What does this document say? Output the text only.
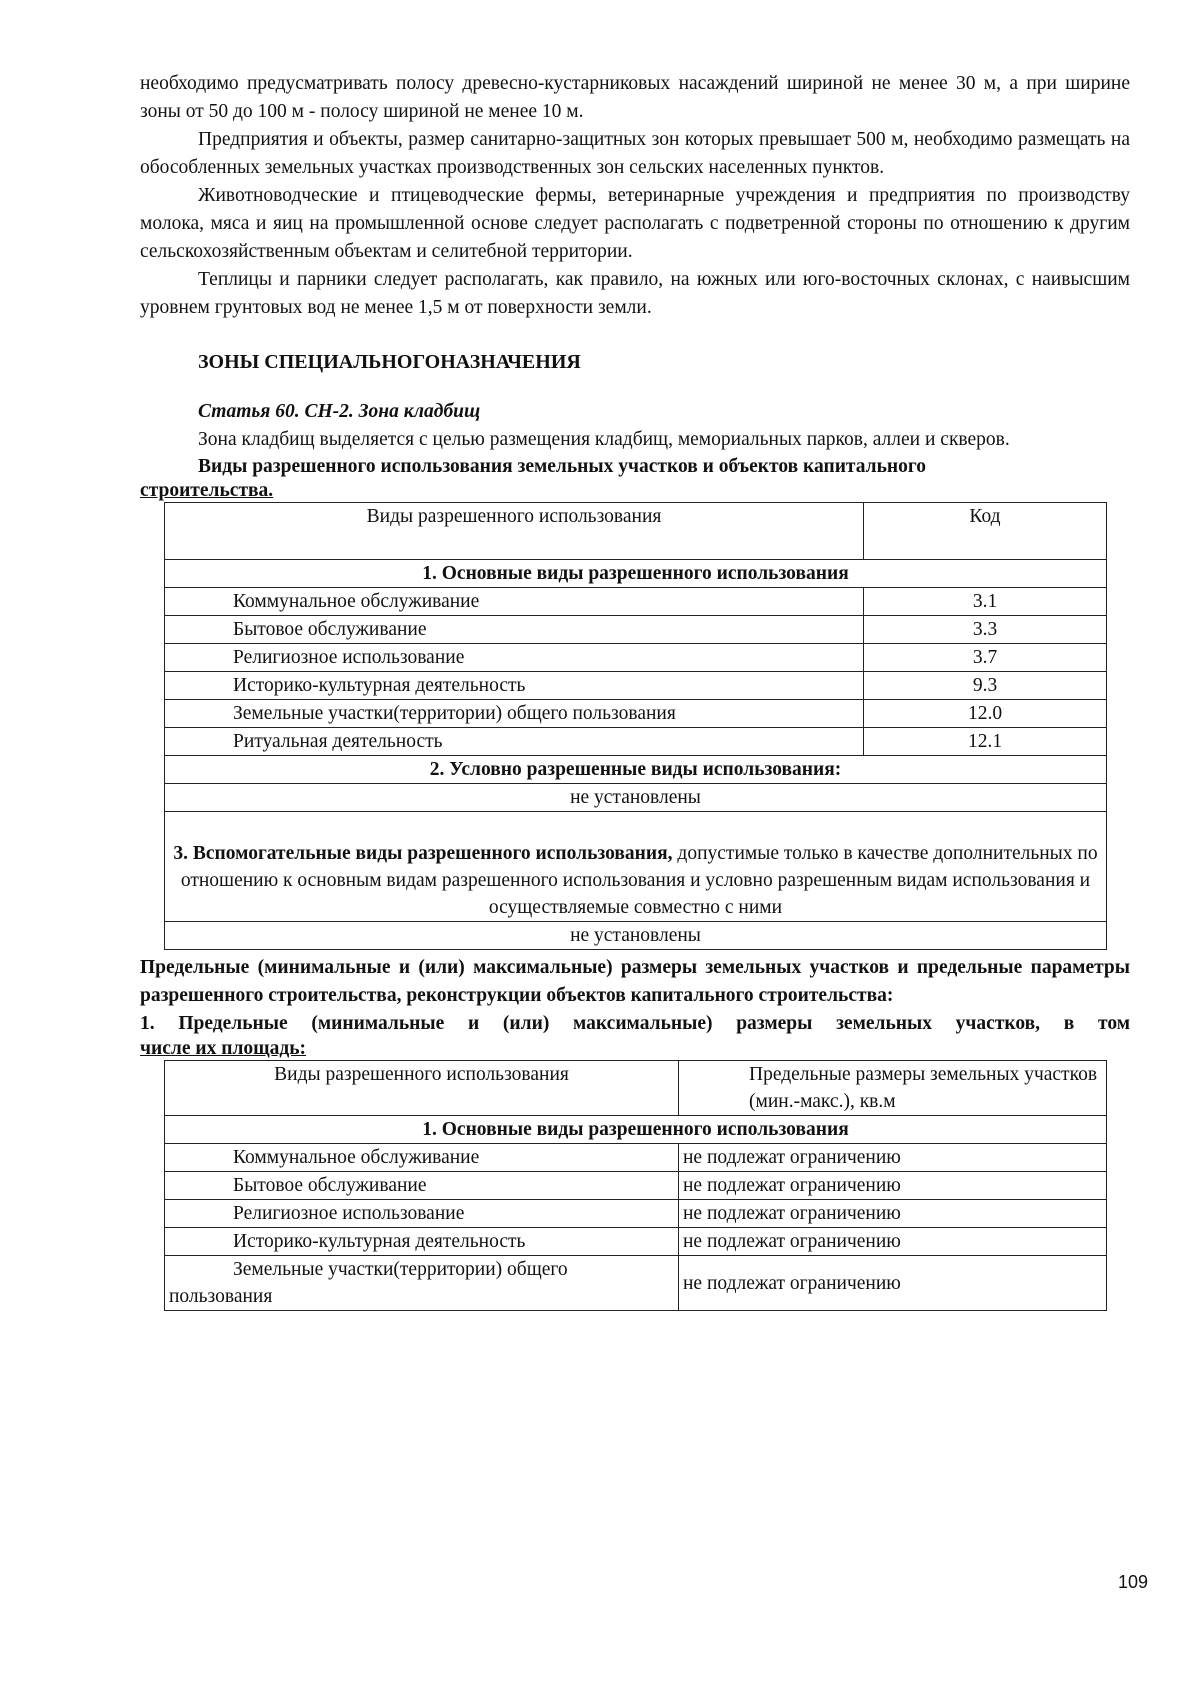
необходимо предусматривать полосу древесно-кустарниковых насаждений шириной не менее 30 м, а при ширине зоны от 50 до 100 м - полосу шириной не менее 10 м.

Предприятия и объекты, размер санитарно-защитных зон которых превышает 500 м, необходимо размещать на обособленных земельных участках производственных зон сельских населенных пунктов.

Животноводческие и птицеводческие фермы, ветеринарные учреждения и предприятия по производству молока, мяса и яиц на промышленной основе следует располагать с подветренной стороны по отношению к другим сельскохозяйственным объектам и селитебной территории.

Теплицы и парники следует располагать, как правило, на южных или юго-восточных склонах, с наивысшим уровнем грунтовых вод не менее 1,5 м от поверхности земли.

ЗОНЫ СПЕЦИАЛЬНОГОНАЗНАЧЕНИЯ
Статья 60. СН-2. Зона кладбищ

Зона кладбищ выделяется с целью размещения кладбищ, мемориальных парков, аллеи и скверов.

Виды разрешенного использования земельных участков и объектов капитального

строительства.

Виды разрешенного использования	Код
1. Основные виды разрешенного использования	
Коммунальное обслуживание	3.1
Бытовое обслуживание	3.3
Религиозное использование	3.7
Историко-культурная деятельность	9.3
Земельные участки(территории) общего пользования	12.0
Ритуальная деятельность	12.1
2. Условно разрешенные виды использования:	
не установлены	
3. Вспомогательные виды разрешенного использования, допустимые только в качестве дополнительных по отношению к основным видам разрешенного использования и условно разрешенным видам использования и осуществляемые совместно с ними	
не установлены	

Предельные (минимальные и (или) максимальные) размеры земельных участков и предельные параметры разрешенного строительства, реконструкции объектов капитального строительства:

1. Предельные (минимальные и (или) максимальные) размеры земельных участков, в том

числе их площадь:

Виды разрешенного использования	Предельные размеры земельных участков (мин.-макс.), кв.м
1. Основные виды разрешенного использования	
Коммунальное обслуживание	не подлежат ограничению
Бытовое обслуживание	не подлежат ограничению
Религиозное использование	не подлежат ограничению
Историко-культурная деятельность	не подлежат ограничению
Земельные участки(территории) общего пользования	не подлежат ограничению
109
